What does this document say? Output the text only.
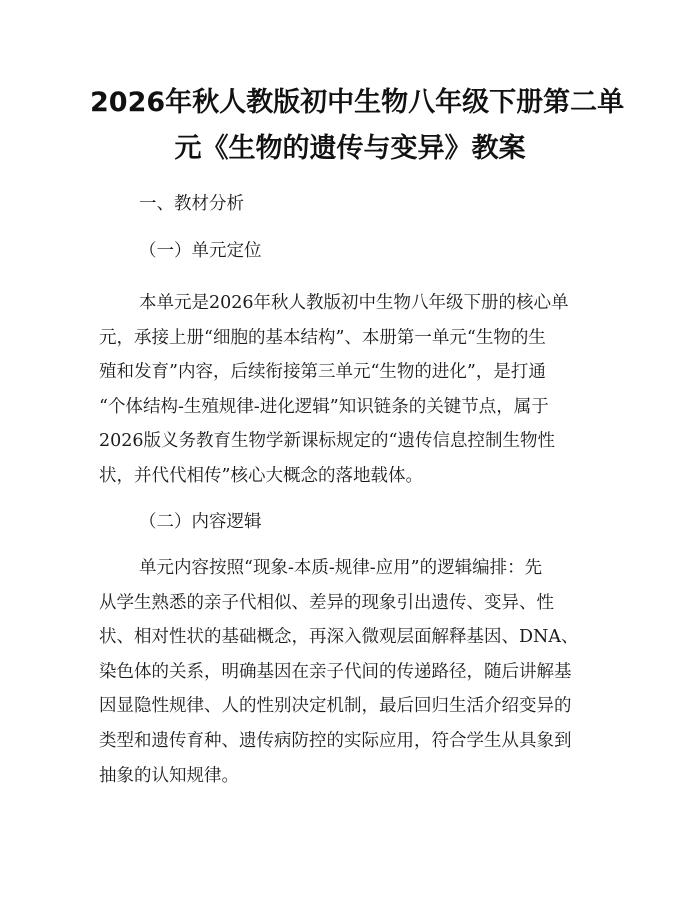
2026年秋人教版初中生物八年级下册第二单
元《生物的遗传与变异》教案

一、教材分析

（一）单元定位

本单元是2026年秋人教版初中生物八年级下册的核心单
元，承接上册“细胞的基本结构”、本册第一单元“生物的生
殖和发育”内容，后续衔接第三单元“生物的进化”，是打通
“个体结构-生殖规律-进化逻辑”知识链条的关键节点，属于
2026版义务教育生物学新课标规定的“遗传信息控制生物性
状，并代代相传”核心大概念的落地载体。

（二）内容逻辑

单元内容按照“现象-本质-规律-应用”的逻辑编排：先
从学生熟悉的亲子代相似、差异的现象引出遗传、变异、性
状、相对性状的基础概念，再深入微观层面解释基因、DNA、
染色体的关系，明确基因在亲子代间的传递路径，随后讲解基
因显隐性规律、人的性别决定机制，最后回归生活介绍变异的
类型和遗传育种、遗传病防控的实际应用，符合学生从具象到
抽象的认知规律。
